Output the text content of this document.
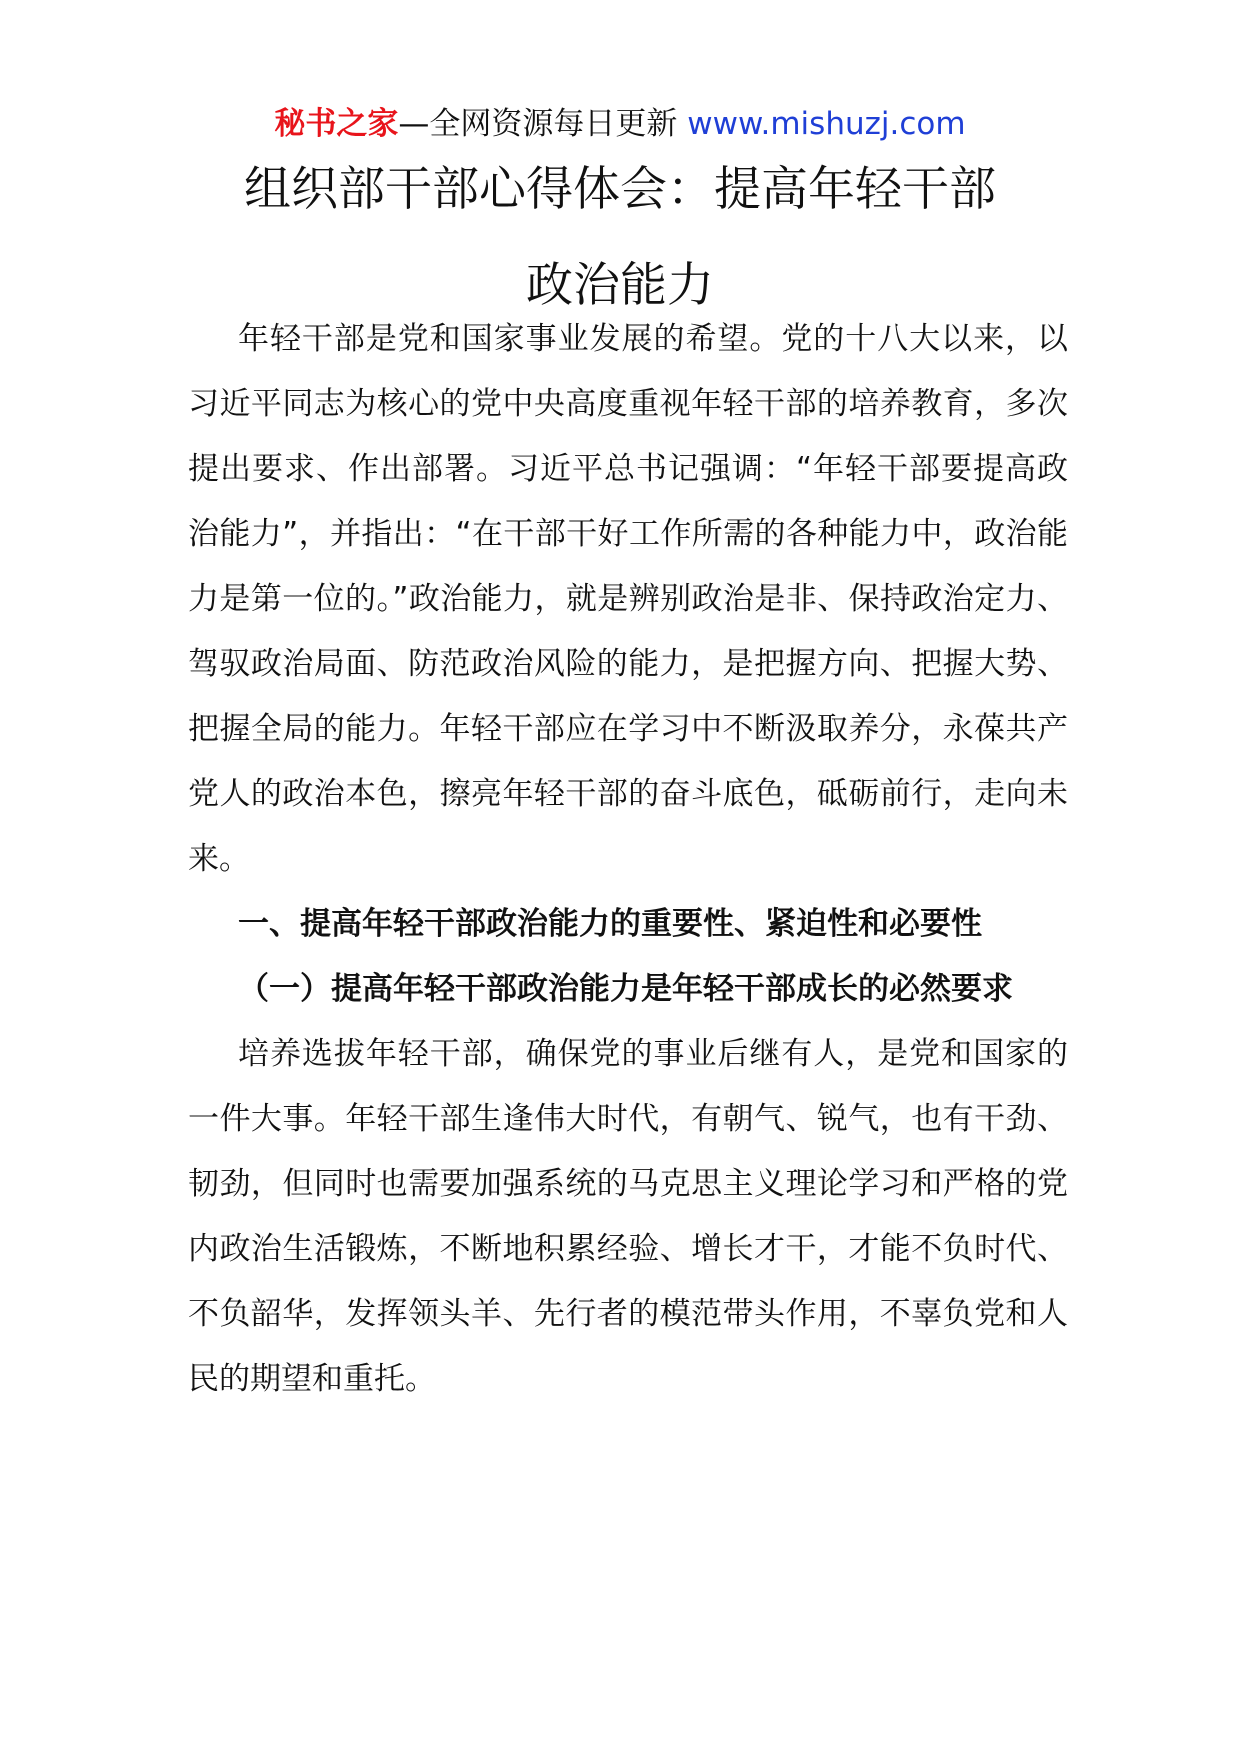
秘书之家—全网资源每日更新 www.mishuzj.com
组织部干部心得体会：提高年轻干部
政治能力

年轻干部是党和国家事业发展的希望。党的十八大以来，以习近平同志为核心的党中央高度重视年轻干部的培养教育，多次提出要求、作出部署。习近平总书记强调：“年轻干部要提高政治能力”，并指出：“在干部干好工作所需的各种能力中，政治能力是第一位的。”政治能力，就是辨别政治是非、保持政治定力、驾驭政治局面、防范政治风险的能力，是把握方向、把握大势、把握全局的能力。年轻干部应在学习中不断汲取养分，永葆共产党人的政治本色，擦亮年轻干部的奋斗底色，砥砺前行，走向未来。

一、提高年轻干部政治能力的重要性、紧迫性和必要性

（一）提高年轻干部政治能力是年轻干部成长的必然要求

培养选拔年轻干部，确保党的事业后继有人，是党和国家的一件大事。年轻干部生逢伟大时代，有朝气、锐气，也有干劲、韧劲，但同时也需要加强系统的马克思主义理论学习和严格的党内政治生活锻炼，不断地积累经验、增长才干，才能不负时代、不负韶华，发挥领头羊、先行者的模范带头作用，不辜负党和人民的期望和重托。
